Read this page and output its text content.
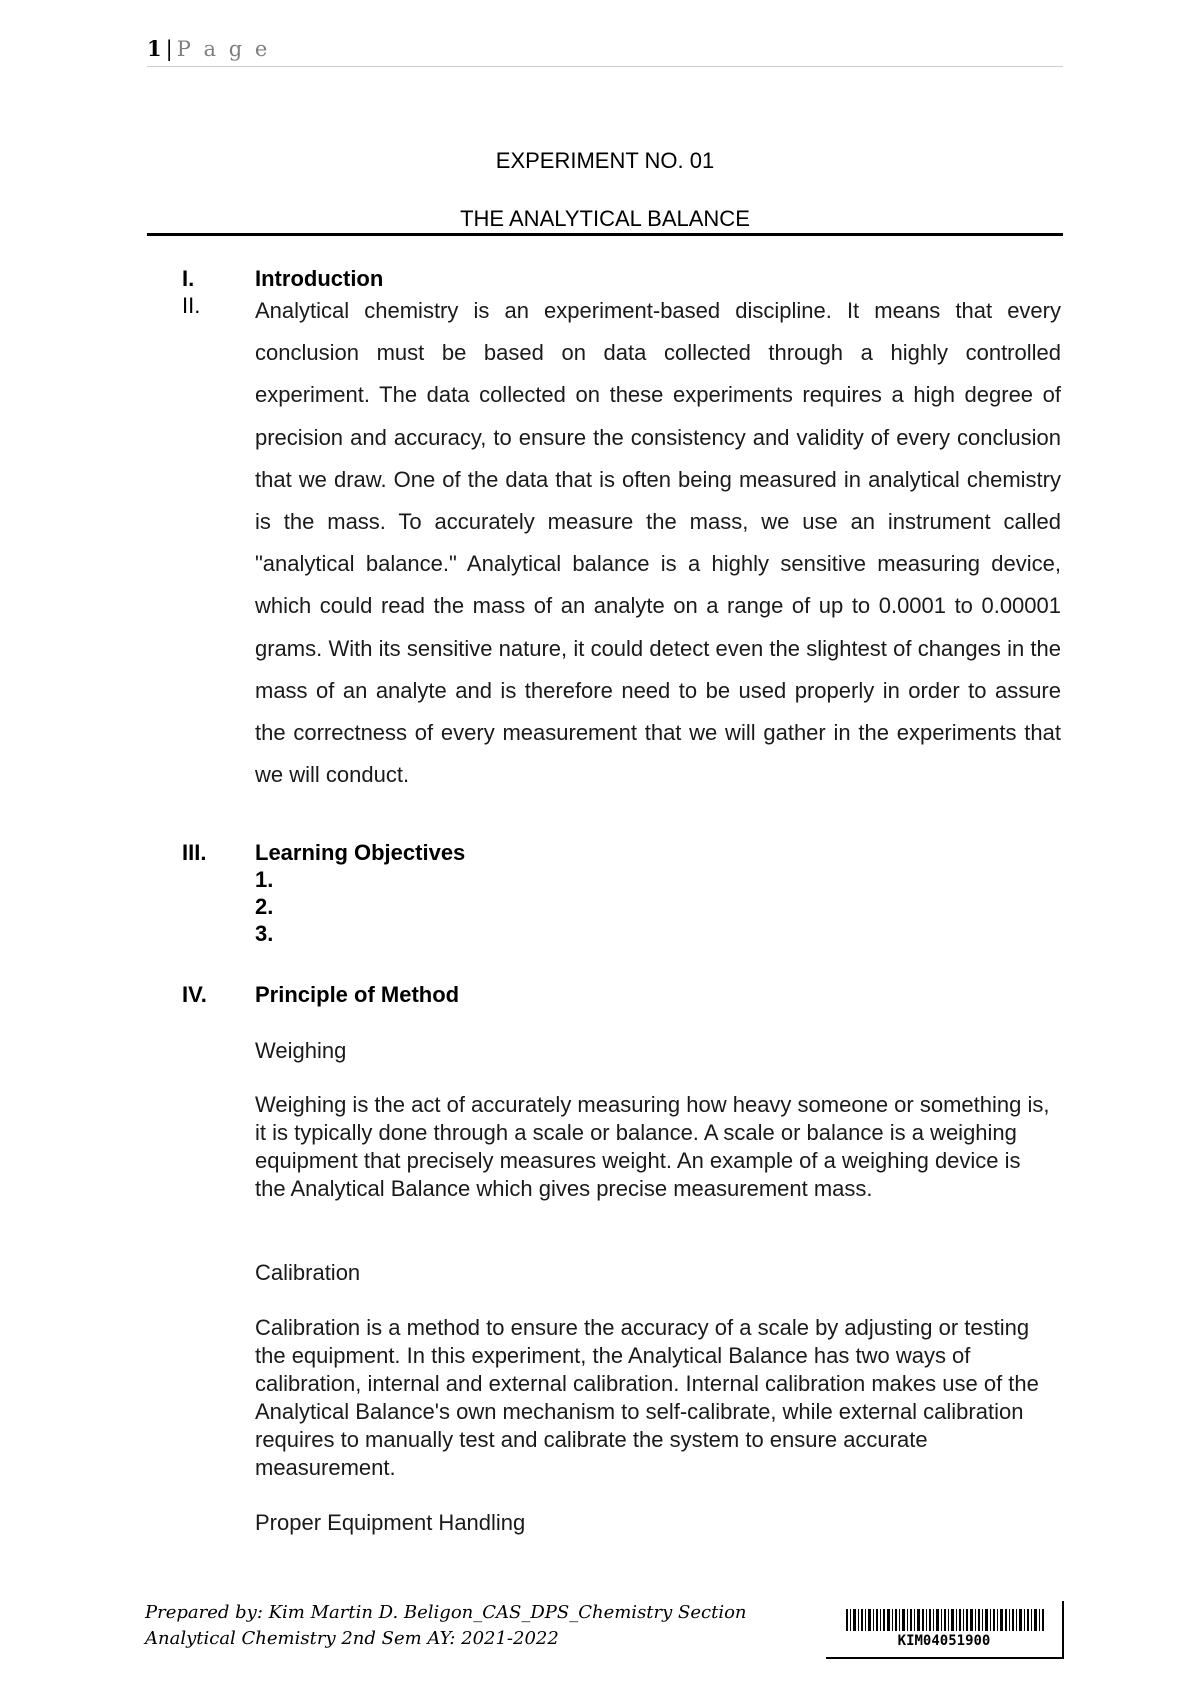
1 | P a g e
EXPERIMENT NO. 01
THE ANALYTICAL BALANCE
I.	Introduction
II. Analytical chemistry is an experiment-based discipline. It means that every conclusion must be based on data collected through a highly controlled experiment. The data collected on these experiments requires a high degree of precision and accuracy, to ensure the consistency and validity of every conclusion that we draw. One of the data that is often being measured in analytical chemistry is the mass. To accurately measure the mass, we use an instrument called "analytical balance." Analytical balance is a highly sensitive measuring device, which could read the mass of an analyte on a range of up to 0.0001 to 0.00001 grams. With its sensitive nature, it could detect even the slightest of changes in the mass of an analyte and is therefore need to be used properly in order to assure the correctness of every measurement that we will gather in the experiments that we will conduct.

III. Learning Objectives
1.
2.
3.
IV. Principle of Method
Weighing

Weighing is the act of accurately measuring how heavy someone or something is, it is typically done through a scale or balance. A scale or balance is a weighing equipment that precisely measures weight. An example of a weighing device is the Analytical Balance which gives precise measurement mass.

Calibration

Calibration is a method to ensure the accuracy of a scale by adjusting or testing the equipment. In this experiment, the Analytical Balance has two ways of calibration, internal and external calibration. Internal calibration makes use of the Analytical Balance's own mechanism to self-calibrate, while external calibration requires to manually test and calibrate the system to ensure accurate measurement.

Proper Equipment Handling
Prepared by: Kim Martin D. Beligon_CAS_DPS_Chemistry Section
Analytical Chemistry 2nd Sem AY: 2021-2022	KIM04051900
